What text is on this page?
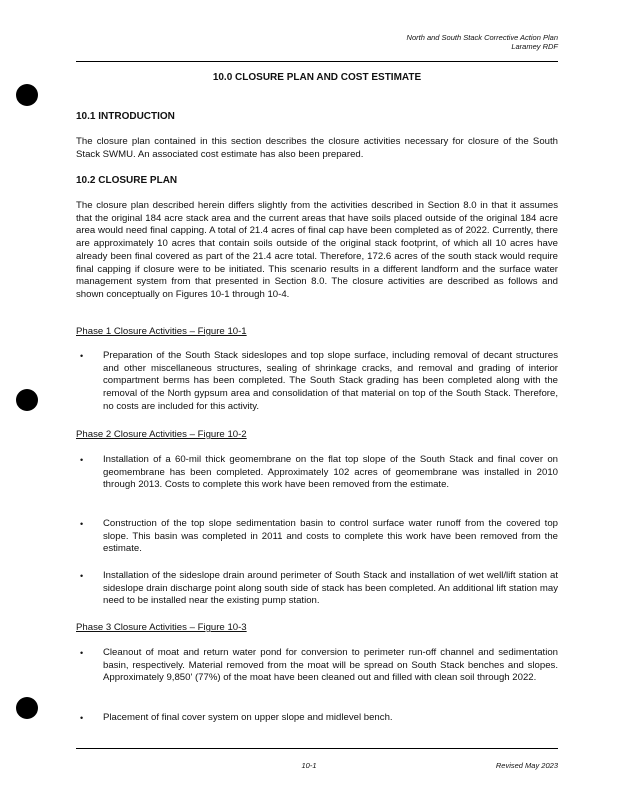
North and South Stack Corrective Action Plan
Laramey RDF
10.0 CLOSURE PLAN AND COST ESTIMATE
10.1 INTRODUCTION
The closure plan contained in this section describes the closure activities necessary for closure of the South Stack SWMU. An associated cost estimate has also been prepared.
10.2 CLOSURE PLAN
The closure plan described herein differs slightly from the activities described in Section 8.0 in that it assumes that the original 184 acre stack area and the current areas that have soils placed outside of the original 184 acre area would need final capping. A total of 21.4 acres of final cap have been completed as of 2022. Currently, there are approximately 10 acres that contain soils outside of the original stack footprint, of which all 10 acres have already been final covered as part of the 21.4 acre total. Therefore, 172.6 acres of the south stack would require final capping if closure were to be initiated. This scenario results in a different landform and the surface water management system from that presented in Section 8.0. The closure activities are described as follows and shown conceptually on Figures 10-1 through 10-4.
Phase 1 Closure Activities – Figure 10-1
• Preparation of the South Stack sideslopes and top slope surface, including removal of decant structures and other miscellaneous structures, sealing of shrinkage cracks, and removal and grading of interior compartment berms has been completed. The South Stack grading has been completed along with the removal of the North gypsum area and consolidation of that material on top of the South Stack. Therefore, no costs are included for this activity.
Phase 2 Closure Activities – Figure 10-2
• Installation of a 60-mil thick geomembrane on the flat top slope of the South Stack and final cover on geomembrane has been completed. Approximately 102 acres of geomembrane was installed in 2010 through 2013. Costs to complete this work have been removed from the estimate.
• Construction of the top slope sedimentation basin to control surface water runoff from the covered top slope. This basin was completed in 2011 and costs to complete this work have been removed from the estimate.
• Installation of the sideslope drain around perimeter of South Stack and installation of wet well/lift station at sideslope drain discharge point along south side of stack has been completed. An additional lift station may need to be installed near the existing pump station.
Phase 3 Closure Activities – Figure 10-3
• Cleanout of moat and return water pond for conversion to perimeter run-off channel and sedimentation basin, respectively. Material removed from the moat will be spread on South Stack benches and slopes. Approximately 9,850' (77%) of the moat have been cleaned out and filled with clean soil through 2022.
• Placement of final cover system on upper slope and midlevel bench.
10-1	Revised May 2023
